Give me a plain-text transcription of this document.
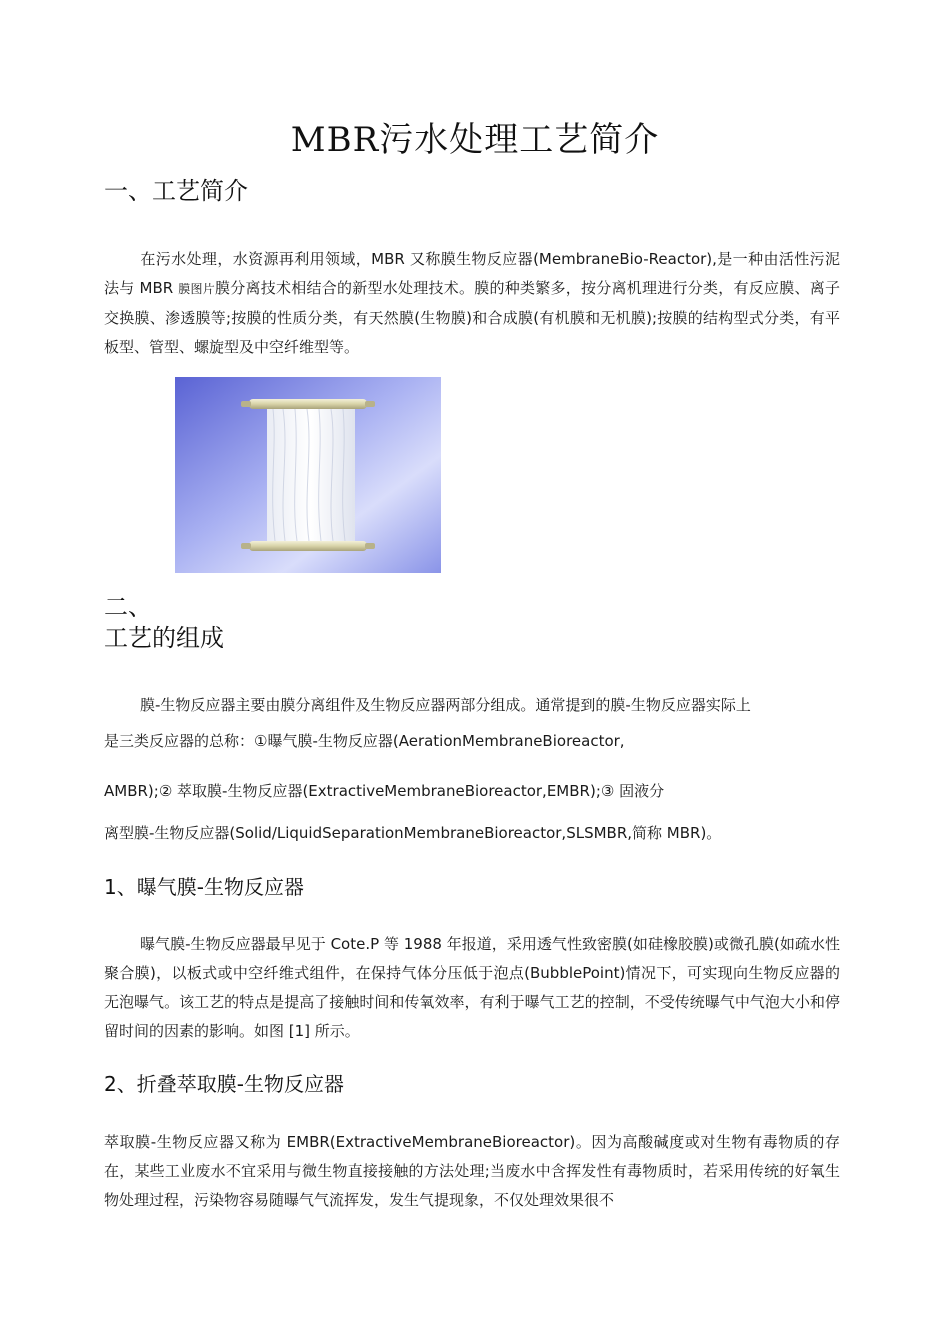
MBR污水处理工艺简介
一、工艺简介
在污水处理，水资源再利用领域，MBR 又称膜生物反应器(MembraneBio-Reactor),是一种由活性污泥法与 MBR 膜图片膜分离技术相结合的新型水处理技术。膜的种类繁多，按分离机理进行分类，有反应膜、离子交换膜、渗透膜等;按膜的性质分类，有天然膜(生物膜)和合成膜(有机膜和无机膜);按膜的结构型式分类，有平板型、管型、螺旋型及中空纤维型等。
二、
工艺的组成
膜-生物反应器主要由膜分离组件及生物反应器两部分组成。通常提到的膜-生物反应器实际上
是三类反应器的总称：①曝气膜-生物反应器(AerationMembraneBioreactor,
AMBR);② 萃取膜-生物反应器(ExtractiveMembraneBioreactor,EMBR);③ 固液分
离型膜-生物反应器(Solid/LiquidSeparationMembraneBioreactor,SLSMBR,简称 MBR)。
1、曝气膜-生物反应器
曝气膜-生物反应器最早见于 Cote.P 等 1988 年报道，采用透气性致密膜(如硅橡胶膜)或微孔膜(如疏水性聚合膜)，以板式或中空纤维式组件，在保持气体分压低于泡点(BubblePoint)情况下，可实现向生物反应器的无泡曝气。该工艺的特点是提高了接触时间和传氧效率，有利于曝气工艺的控制，不受传统曝气中气泡大小和停留时间的因素的影响。如图 [1] 所示。
2、折叠萃取膜-生物反应器
萃取膜-生物反应器又称为 EMBR(ExtractiveMembraneBioreactor)。因为高酸碱度或对生物有毒物质的存在，某些工业废水不宜采用与微生物直接接触的方法处理;当废水中含挥发性有毒物质时，若采用传统的好氧生物处理过程，污染物容易随曝气气流挥发，发生气提现象，不仅处理效果很不
